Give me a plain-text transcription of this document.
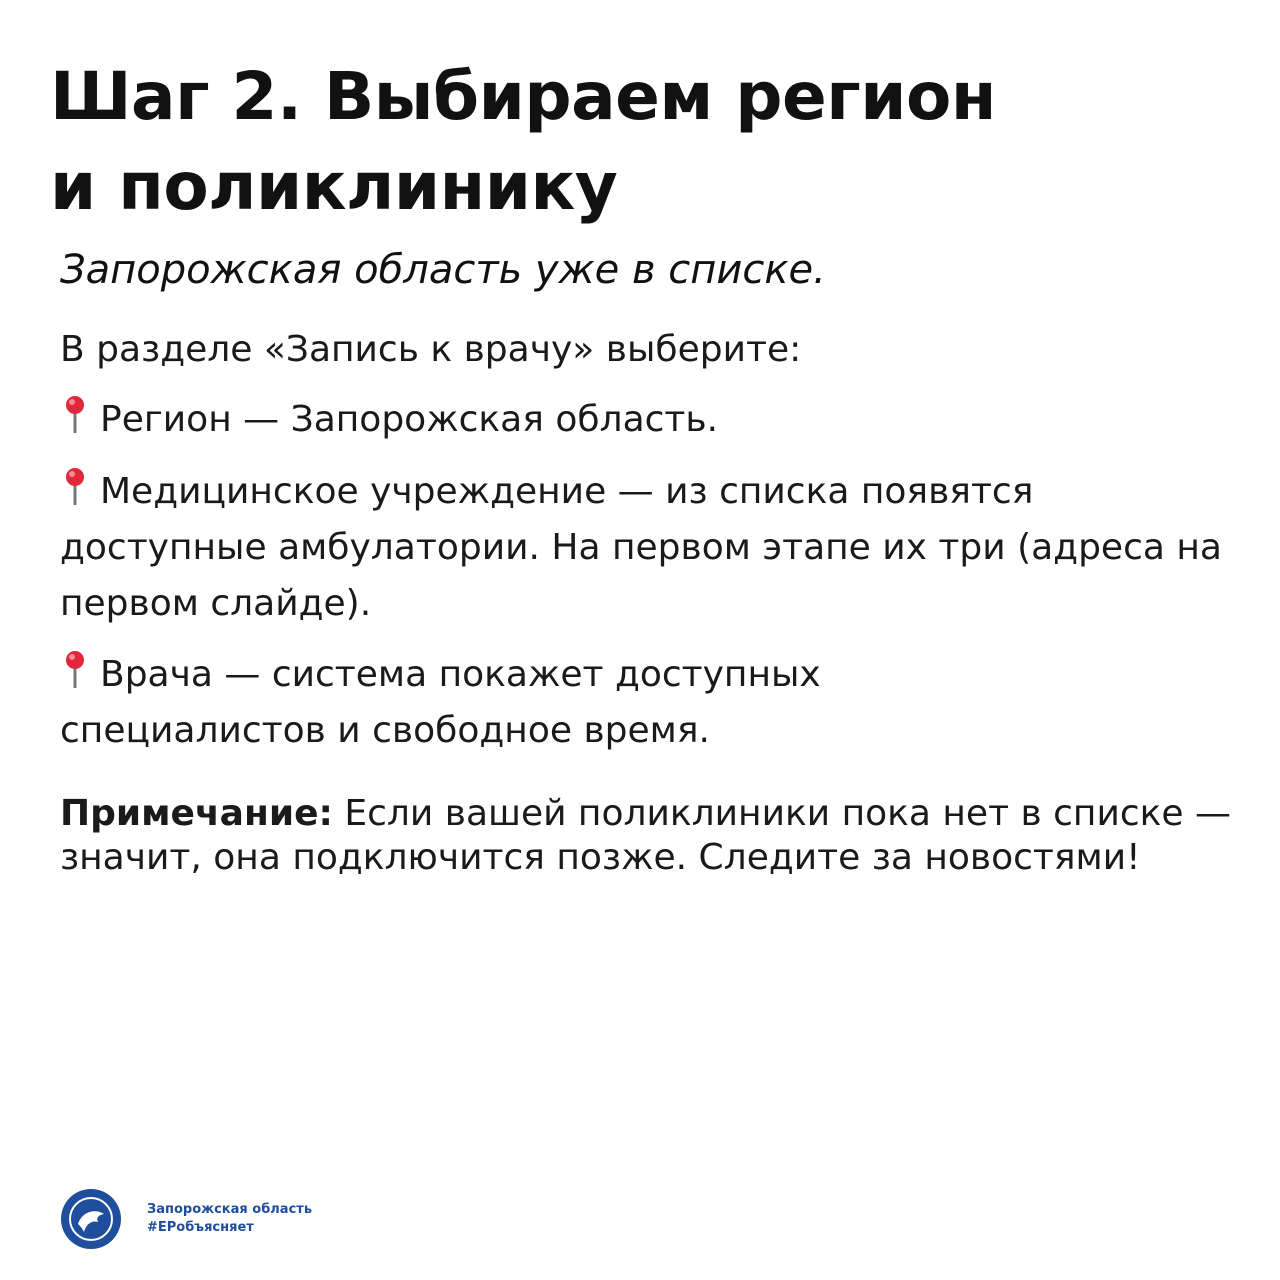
Шаг 2. Выбираем регион
и поликлинику
Запорожская область уже в списке.
В разделе «Запись к врачу» выберите:
Регион — Запорожская область.
Медицинское учреждение — из списка появятся доступные амбулатории. На первом этапе их три (адреса на первом слайде).
Врача — система покажет доступных специалистов и свободное время.
Примечание: Если вашей поликлиники пока нет в списке — значит, она подключится позже. Следите за новостями!
Запорожская область
#ЕРобъясняет
